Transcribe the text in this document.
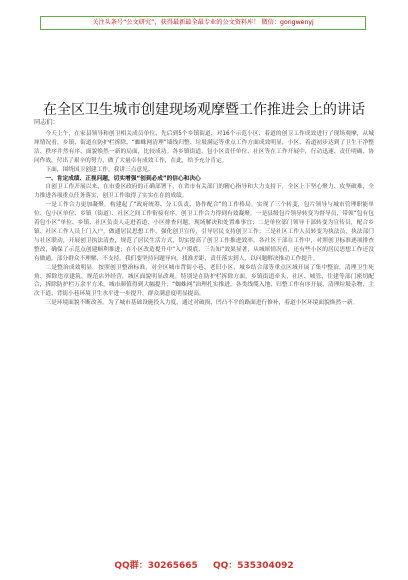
关注头条号“公文研究”，获得最新最全最专业的公文资料库！ 微信：gongwenyj
在全区卫生城市创建现场观摩暨工作推进会上的讲话
同志们：

今天上午，在家县领导和创卫相关成员单位、先后到5个乡镇街道，对16个示范小区、着道的创卫工作成效进行了现场观摩，从城犀情况看，乡镇、街道在防护栏拆除、“蜘蛛网清理”墙线归整、垃圾满运等重点工作方面成效明显，小区、着道初步达到了卫生干净整洁、秩序井然有序、面貌焕然一新的局面，比较成功。各乡镇街道、包小区责任单位、社区等在工作开展中，行动迅速、责任明确、协同作战，付出了艰辛的努力，做了大量卓有成效工作，在此，给予充分肯定。

下面，围绕国卫创建工作，我讲三点意见。

一、肯定成绩、正视问题，切实增强“创到必成”的信心和决心

自创卫工作开展以来，在市委区政府的正确部署下，在省市有关部门的精心指导和大力支持下，全区上下坚心聚力、攻坚破难，全力推进各项重点任务落实，创卫工作取得了实实在在的成绩。

一是工作合力更加凝聚。构建起了“政府统筹、分工负责、协作配合”的工作格局。实现了三个转变，包片领导与城市管理职能单位、包小区单位、乡镇（街道）、社区之间工作衔接有序，创卫工作合力得到有效凝聚。一是县级包片领导转变为督导员，带领“包有包着包小区”单位、乡镇、社区负责人走进着道、小区排查问题，现场解决和处置难事宜；二是单位部门领导干部转变为宣传员，配合乡镇、社区工作人员上门入户，做通居民思想工作，强化创卫宣传，引导居民支持创卫工作；三是社区工作人员转变为执法员，执法部门与社区联动，开展创卫执法清查，规范了居民生活方式，切实提高了创卫工作推进效率。各社区干部在工作中，对照创卫标准逐项排查整改，确保了示范点创建顺利推进；在小区改造提升中“入户摸底、三告知”效果显著，从城犀情况看，还有些小区的居民思想工作还没有做通，部分群众不理解、不支持。我们要坚持问题导向，找准差距，责任落实到人，以问题解决推动工作提升。

二是整治成效明显。按照创卫整治标准，对全区城市背街小巷、老旧小区、城乡结合部等重点区域开展了集中整治，清理卫生死角、拆除违章建筑、规范店外经营，城区面貌明显改观。特别是在防护栏拆除方面，乡镇街道牵头，社区、城管、住建等部门密切配合，拆除防护栏万余平方米，城市颜值得到大幅提升；“蜘蛛网”治理扎实推进，各类线缆入地、归整工作有序开展，清理垃圾杂物，主次干道、背街小巷环境卫生水平进一步提升，群众满意度明显提高。

三是环境面貌不断改善。为了城市基础设施投入力度，通过对破损、凹凸不平的路面进行修补，着道小区环境面貌焕然一新。

QQ群：30265665 QQ：535304092
